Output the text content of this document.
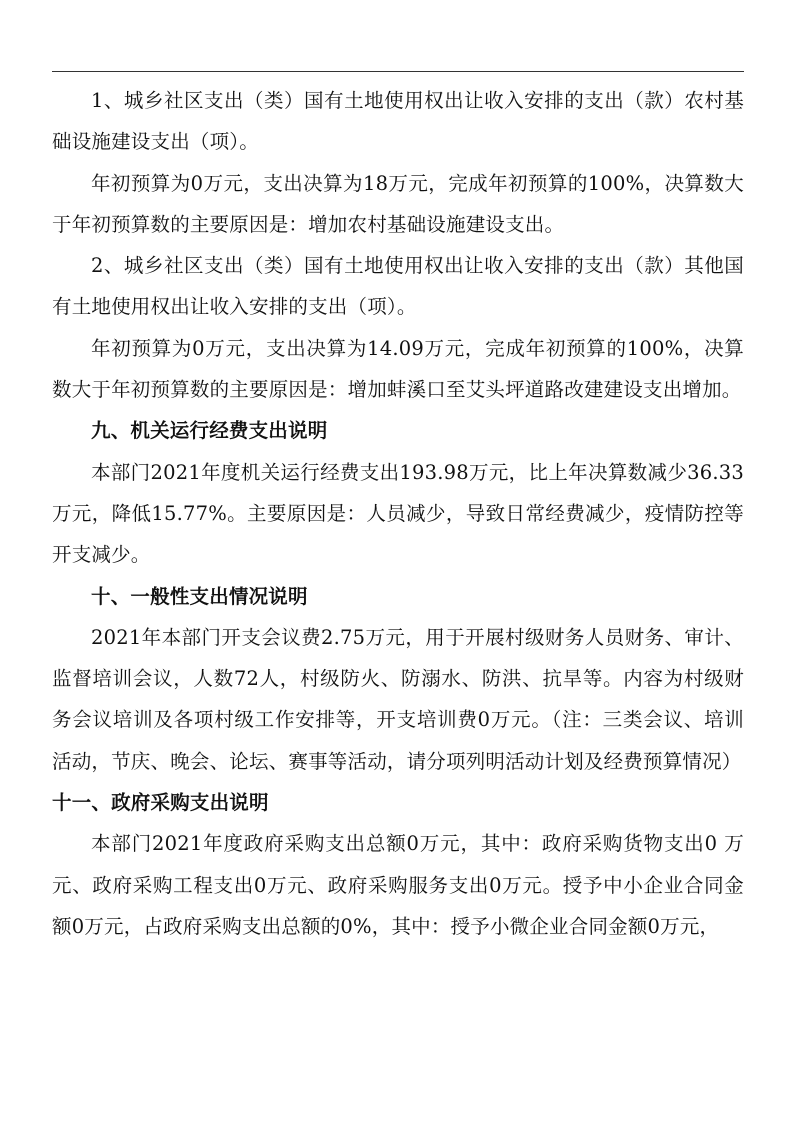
1、城乡社区支出（类）国有土地使用权出让收入安排的支出（款）农村基础设施建设支出（项）。

年初预算为0万元，支出决算为18万元，完成年初预算的100%，决算数大于年初预算数的主要原因是：增加农村基础设施建设支出。

2、城乡社区支出（类）国有土地使用权出让收入安排的支出（款）其他国有土地使用权出让收入安排的支出（项）。

年初预算为0万元，支出决算为14.09万元，完成年初预算的100%，决算数大于年初预算数的主要原因是：增加蚌溪口至艾头坪道路改建建设支出增加。

九、机关运行经费支出说明

本部门2021年度机关运行经费支出193.98万元，比上年决算数减少36.33万元，降低15.77%。主要原因是：人员减少，导致日常经费减少，疫情防控等开支减少。

十、一般性支出情况说明

2021年本部门开支会议费2.75万元，用于开展村级财务人员财务、审计、监督培训会议，人数72人，村级防火、防溺水、防洪、抗旱等。内容为村级财务会议培训及各项村级工作安排等，开支培训费0万元。（注：三类会议、培训活动，节庆、晚会、论坛、赛事等活动，请分项列明活动计划及经费预算情况）

十一、政府采购支出说明

本部门2021年度政府采购支出总额0万元，其中：政府采购货物支出0 万元、政府采购工程支出0万元、政府采购服务支出0万元。授予中小企业合同金额0万元，占政府采购支出总额的0%，其中：授予小微企业合同金额0万元，
